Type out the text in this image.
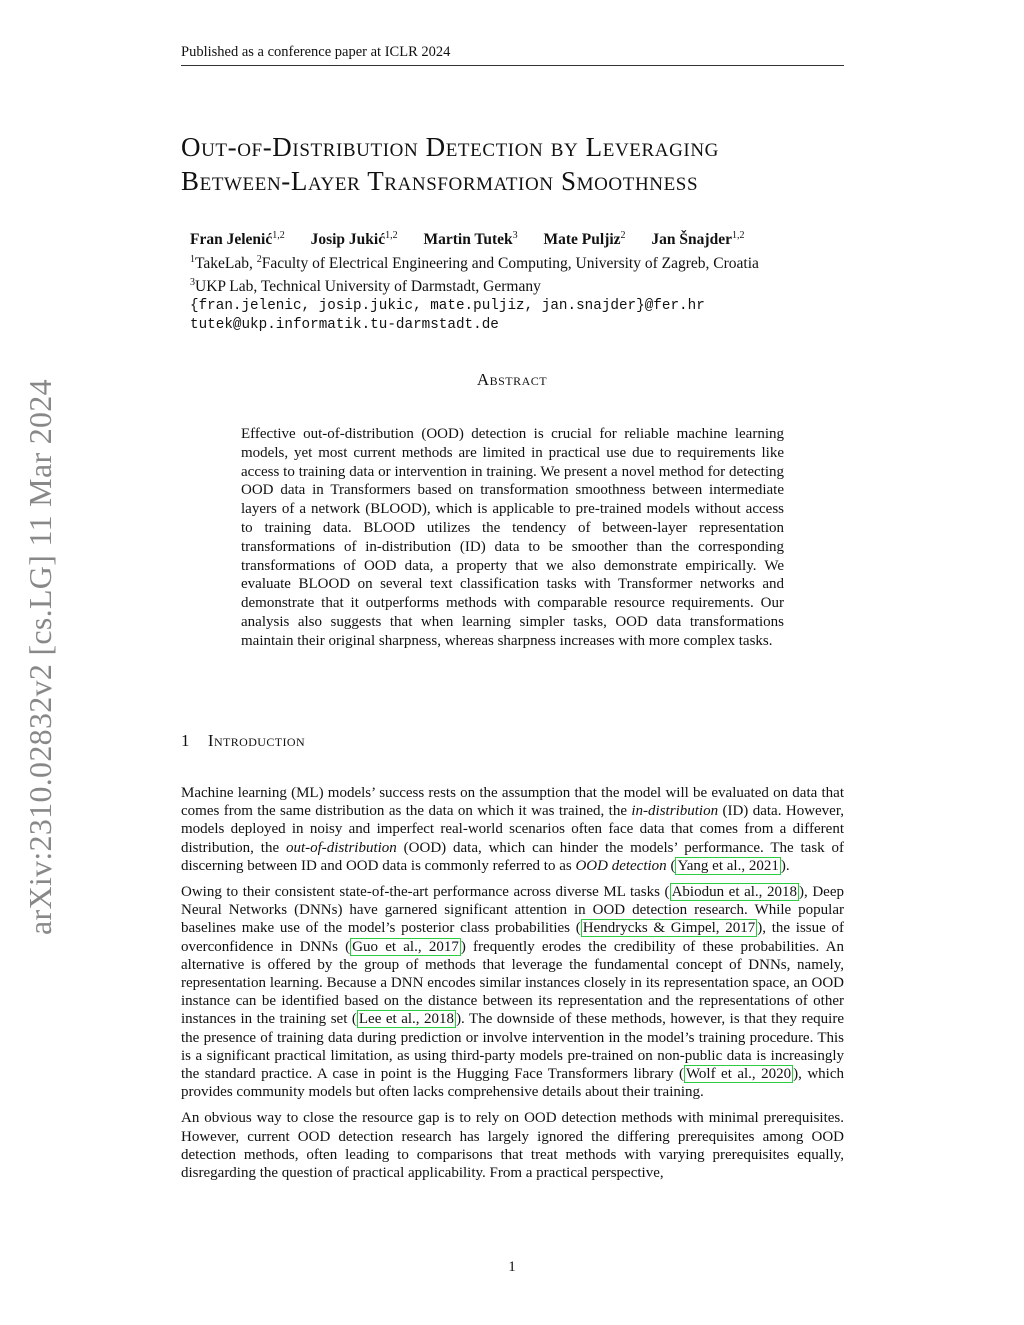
Published as a conference paper at ICLR 2024
Out-of-Distribution Detection by Leveraging
Between-Layer Transformation Smoothness
Fran Jelenić$^{1,2}$ Josip Jukić$^{1,2}$ Martin Tutek$^3$ Mate Puljiz$^2$ Jan Šnajder$^{1,2}$
$^1$TakeLab, $^2$Faculty of Electrical Engineering and Computing, University of Zagreb, Croatia
$^3$UKP Lab, Technical University of Darmstadt, Germany
{fran.jelenic, josip.jukic, mate.puljiz, jan.snajder}@fer.hr
tutek@ukp.informatik.tu-darmstadt.de
Abstract
Effective out-of-distribution (OOD) detection is crucial for reliable machine learning models, yet most current methods are limited in practical use due to requirements like access to training data or intervention in training. We present a novel method for detecting OOD data in Transformers based on transformation smoothness between intermediate layers of a network (BLOOD), which is applicable to pre-trained models without access to training data. BLOOD utilizes the tendency of between-layer representation transformations of in-distribution (ID) data to be smoother than the corresponding transformations of OOD data, a property that we also demonstrate empirically. We evaluate BLOOD on several text classification tasks with Transformer networks and demonstrate that it outperforms methods with comparable resource requirements. Our analysis also suggests that when learning simpler tasks, OOD data transformations maintain their original sharpness, whereas sharpness increases with more complex tasks.
arXiv:2310.02832v2 [cs.LG] 11 Mar 2024	1 Introduction

Machine learning (ML) models’ success rests on the assumption that the model will be evaluated on data that comes from the same distribution as the data on which it was trained, the in-distribution (ID) data. However, models deployed in noisy and imperfect real-world scenarios often face data that comes from a different distribution, the out-of-distribution (OOD) data, which can hinder the models’ performance. The task of discerning between ID and OOD data is commonly referred to as OOD detection ( Yang et al., 2021 ).

Owing to their consistent state-of-the-art performance across diverse ML tasks ( Abiodun et al., 2018 ), Deep Neural Networks (DNNs) have garnered significant attention in OOD detection research. While popular baselines make use of the model’s posterior class probabilities ( Hendrycks & Gimpel, 2017 ), the issue of overconfidence in DNNs ( Guo et al., 2017 ) frequently erodes the credibility of these probabilities. An alternative is offered by the group of methods that leverage the fundamental concept of DNNs, namely, representation learning. Because a DNN encodes similar instances closely in its representation space, an OOD instance can be identified based on the distance between its representation and the representations of other instances in the training set ( Lee et al., 2018 ). The downside of these methods, however, is that they require the presence of training data during prediction or involve intervention in the model’s training procedure. This is a significant practical limitation, as using third-party models pre-trained on non-public data is increasingly the standard practice. A case in point is the Hugging Face Transformers library ( Wolf et al., 2020 ), which provides community models but often lacks comprehensive details about their training.

An obvious way to close the resource gap is to rely on OOD detection methods with minimal prerequisites. However, current OOD detection research has largely ignored the differing prerequisites among OOD detection methods, often leading to comparisons that treat methods with varying prerequisites equally, disregarding the question of practical applicability. From a practical perspective,

1
